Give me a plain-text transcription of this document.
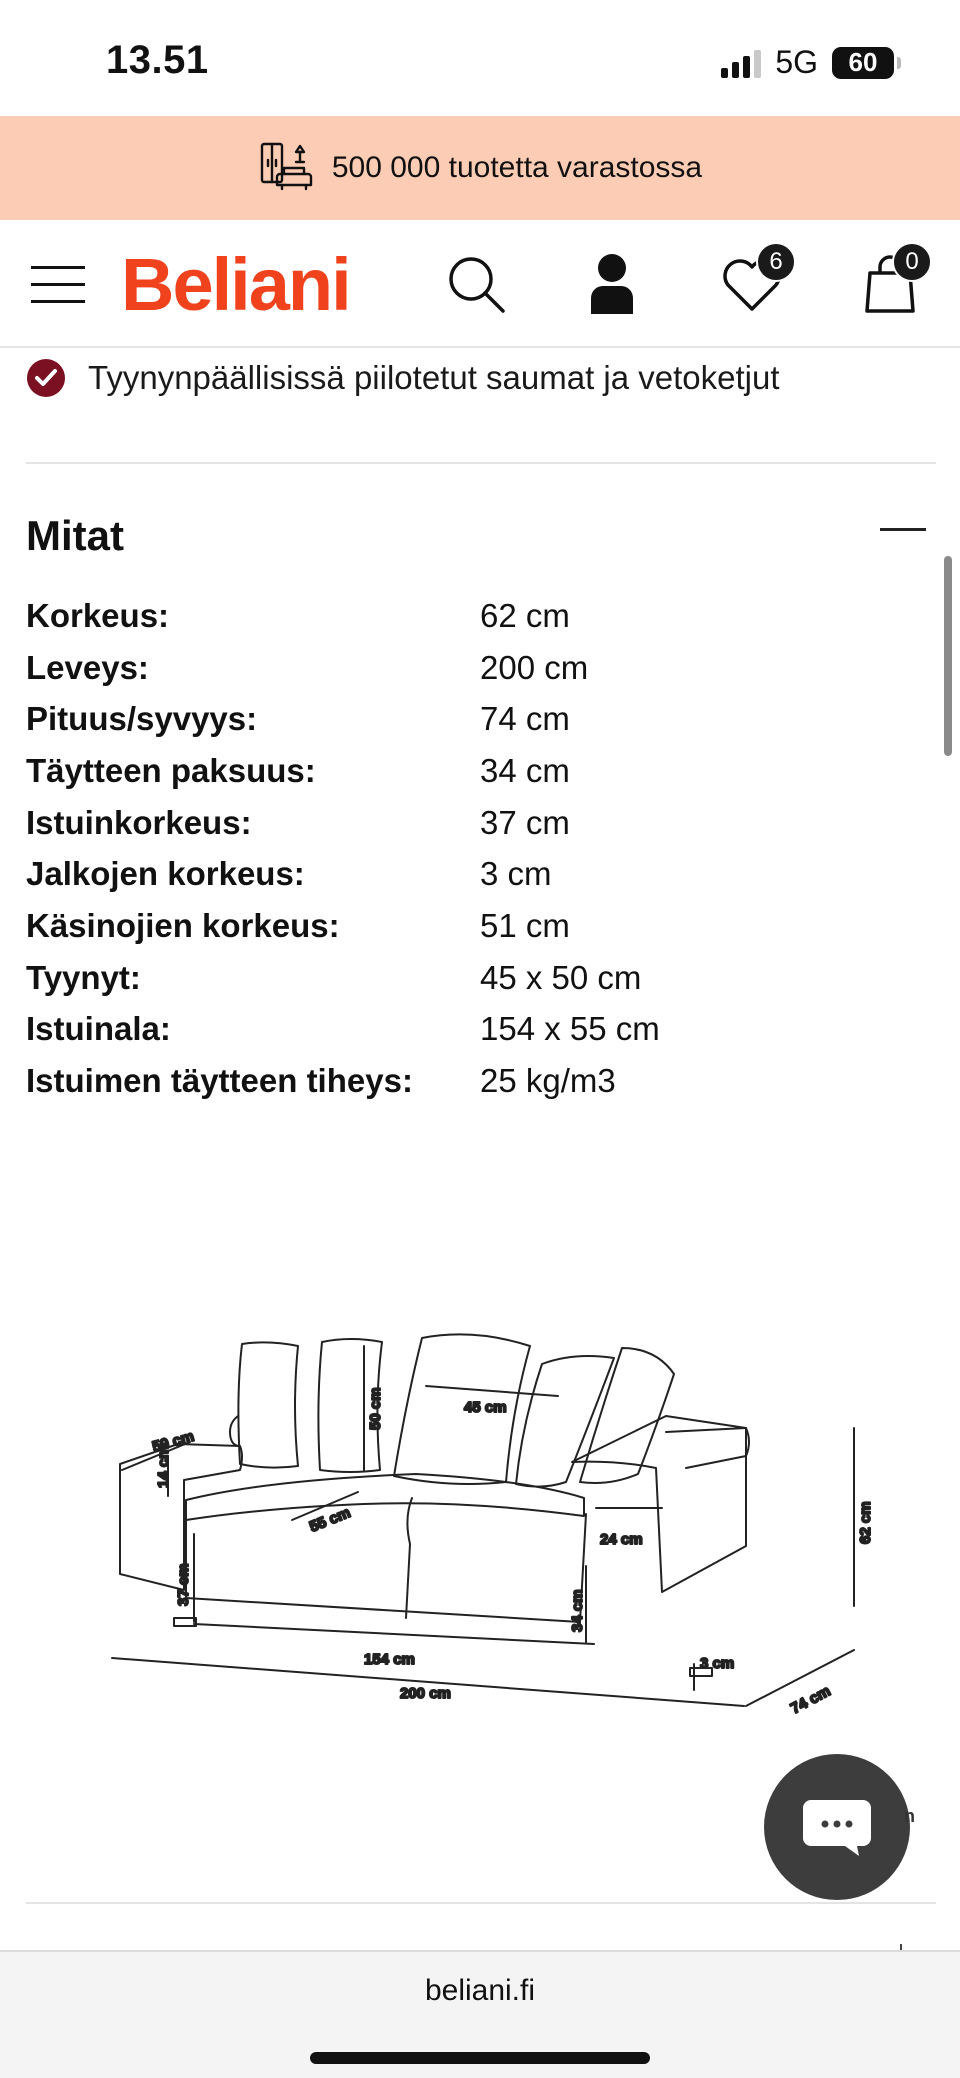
13.51	5G 60
500 000 tuotetta varastossa
Beliani	6	0
Tyynynpäällisissä piilotetut saumat ja vetoketjut
Mitat
Korkeus:	62 cm
Leveys:	200 cm
Pituus/syvyys:	74 cm
Täytteen paksuus:	34 cm
Istuinkorkeus:	37 cm
Jalkojen korkeus:	3 cm
Käsinojien korkeus:	51 cm
Tyynyt:	45 x 50 cm
Istuinala:	154 x 55 cm
Istuimen täytteen tiheys:	25 kg/m3
59 cm
14 cm
50 cm	45 cm
55 cm
24 cm	62 cm
37 cm
154 cm
34 cm
3 cm
200 cm	74 cm
n
beliani.fi
